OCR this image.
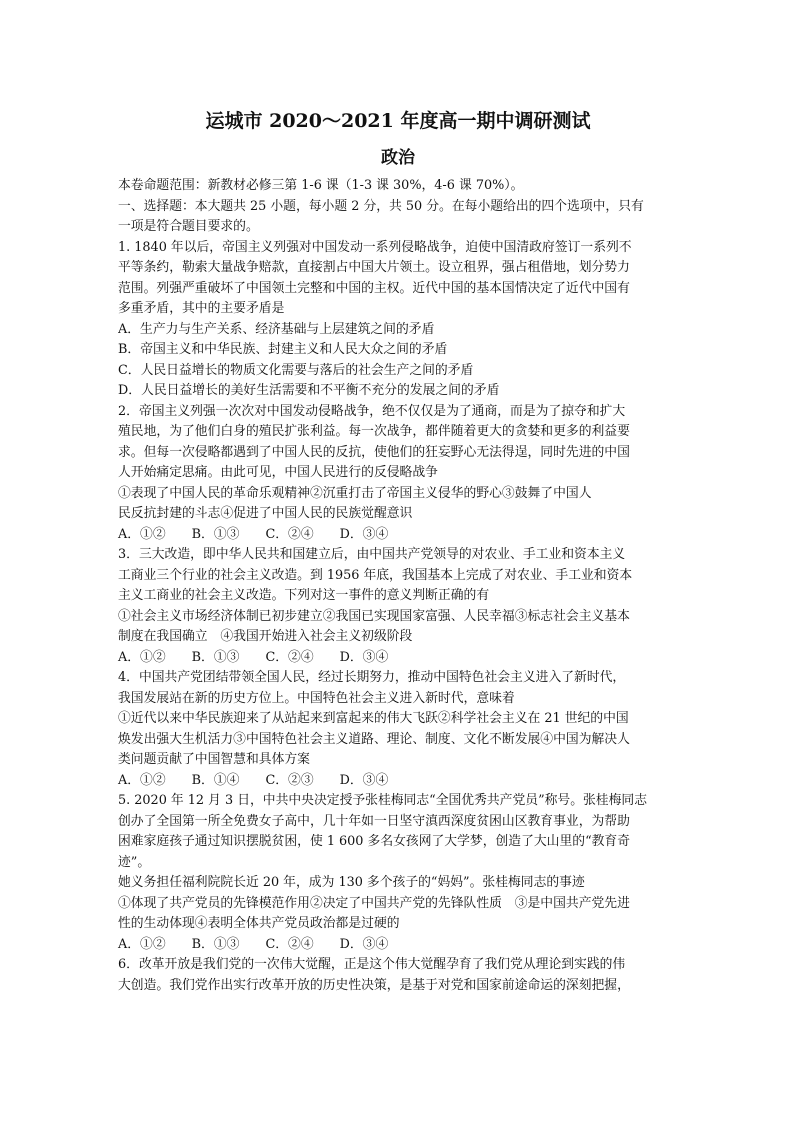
运城市 2020～2021 年度高一期中调研测试
政治
本卷命题范围：新教材必修三第 1-6 课（1-3 课 30%，4-6 课 70%）。
一、选择题：本大题共 25 小题，每小题 2 分，共 50 分。在每小题给出的四个选项中，只有
一项是符合题目要求的。
1. 1840 年以后，帝国主义列强对中国发动一系列侵略战争，迫使中国清政府签订一系列不
平等条约，勒索大量战争赔款，直接割占中国大片领土。设立租界，强占租借地，划分势力
范围。列强严重破坏了中国领土完整和中国的主权。近代中国的基本国情决定了近代中国有
多重矛盾，其中的主要矛盾是
A．生产力与生产关系、经济基础与上层建筑之间的矛盾
B．帝国主义和中华民族、封建主义和人民大众之间的矛盾
C．人民日益增长的物质文化需要与落后的社会生产之间的矛盾
D．人民日益增长的美好生活需要和不平衡不充分的发展之间的矛盾
2．帝国主义列强一次次对中国发动侵略战争，绝不仅仅是为了通商，而是为了掠夺和扩大
殖民地，为了他们白身的殖民扩张利益。每一次战争，都伴随着更大的贪婪和更多的利益要
求。但每一次侵略都遇到了中国人民的反抗，使他们的狂妄野心无法得逞，同时先进的中国
人开始痛定思痛。由此可见，中国人民进行的反侵略战争
①表现了中国人民的革命乐观精神②沉重打击了帝国主义侵华的野心③鼓舞了中国人
民反抗封建的斗志④促进了中国人民的民族觉醒意识
A．①② B．①③ C．②④ D．③④
3．三大改造，即中华人民共和国建立后，由中国共产党领导的对农业、手工业和资本主义
工商业三个行业的社会主义改造。到 1956 年底，我国基本上完成了对农业、手工业和资本
主义工商业的社会主义改造。下列对这一事件的意义判断正确的有
①社会主义市场经济体制已初步建立②我国已实现国家富强、人民幸福③标志社会主义基本
制度在我国确立　④我国开始进入社会主义初级阶段
A．①② B．①③ C．②④ D．③④
4．中国共产党团结带领全国人民，经过长期努力，推动中国特色社会主义进入了新时代，
我国发展站在新的历史方位上。中国特色社会主义进入新时代，意味着
①近代以来中华民族迎来了从站起来到富起来的伟大飞跃②科学社会主义在 21 世纪的中国
焕发出强大生机活力③中国特色社会主义道路、理论、制度、文化不断发展④中国为解决人
类问题贡献了中国智慧和具体方案
A．①② B．①④ C．②③ D．③④
5. 2020 年 12 月 3 日，中共中央决定授予张桂梅同志“全国优秀共产党员”称号。张桂梅同志
创办了全国第一所全免费女子高中，几十年如一日坚守滇西深度贫困山区教育事业，为帮助
困难家庭孩子通过知识摆脱贫困，使 1 600 多名女孩网了大学梦，创造了大山里的“教育奇
迹”。
她义务担任福利院院长近 20 年，成为 130 多个孩子的“妈妈”。张桂梅同志的事迹
①体现了共产党员的先锋模范作用②决定了中国共产党的先锋队性质　③是中国共产党先进
性的生动体现④表明全体共产党员政治都是过硬的
A．①② B．①③ C．②④ D．③④
6．改革开放是我们党的一次伟大觉醒，正是这个伟大觉醒孕育了我们党从理论到实践的伟
大创造。我们党作出实行改革开放的历史性决策，是基于对党和国家前途命运的深刻把握，
